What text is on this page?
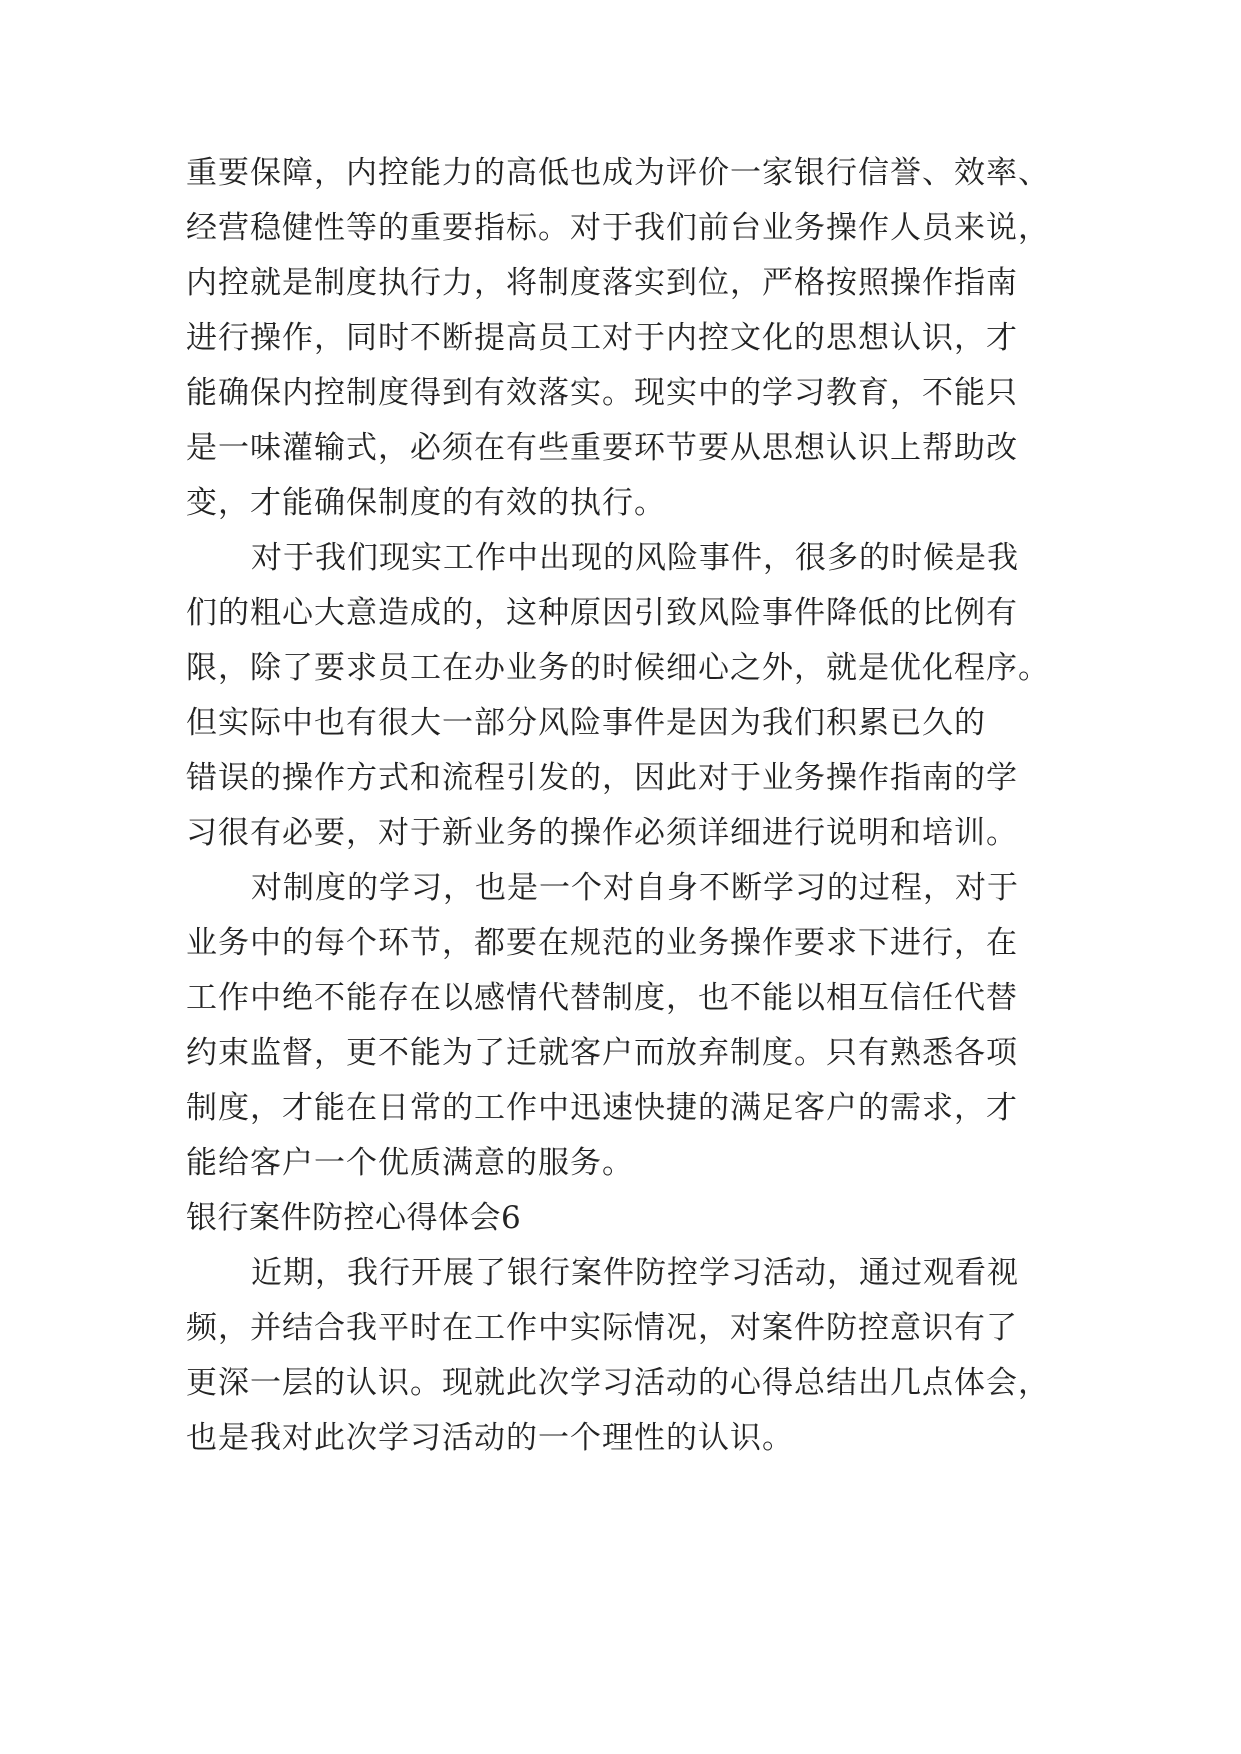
重要保障，内控能力的高低也成为评价一家银行信誉、效率、

经营稳健性等的重要指标。对于我们前台业务操作人员来说，

内控就是制度执行力，将制度落实到位，严格按照操作指南

进行操作，同时不断提高员工对于内控文化的思想认识，才

能确保内控制度得到有效落实。现实中的学习教育，不能只

是一味灌输式，必须在有些重要环节要从思想认识上帮助改

变，才能确保制度的有效的执行。

对于我们现实工作中出现的风险事件，很多的时候是我

们的粗心大意造成的，这种原因引致风险事件降低的比例有

限，除了要求员工在办业务的时候细心之外，就是优化程序。

但实际中也有很大一部分风险事件是因为我们积累已久的

错误的操作方式和流程引发的，因此对于业务操作指南的学

习很有必要，对于新业务的操作必须详细进行说明和培训。

对制度的学习，也是一个对自身不断学习的过程，对于

业务中的每个环节，都要在规范的业务操作要求下进行，在

工作中绝不能存在以感情代替制度，也不能以相互信任代替

约束监督，更不能为了迁就客户而放弃制度。只有熟悉各项

制度，才能在日常的工作中迅速快捷的满足客户的需求，才

能给客户一个优质满意的服务。

银行案件防控心得体会6

近期，我行开展了银行案件防控学习活动，通过观看视

频，并结合我平时在工作中实际情况，对案件防控意识有了

更深一层的认识。现就此次学习活动的心得总结出几点体会，

也是我对此次学习活动的一个理性的认识。
